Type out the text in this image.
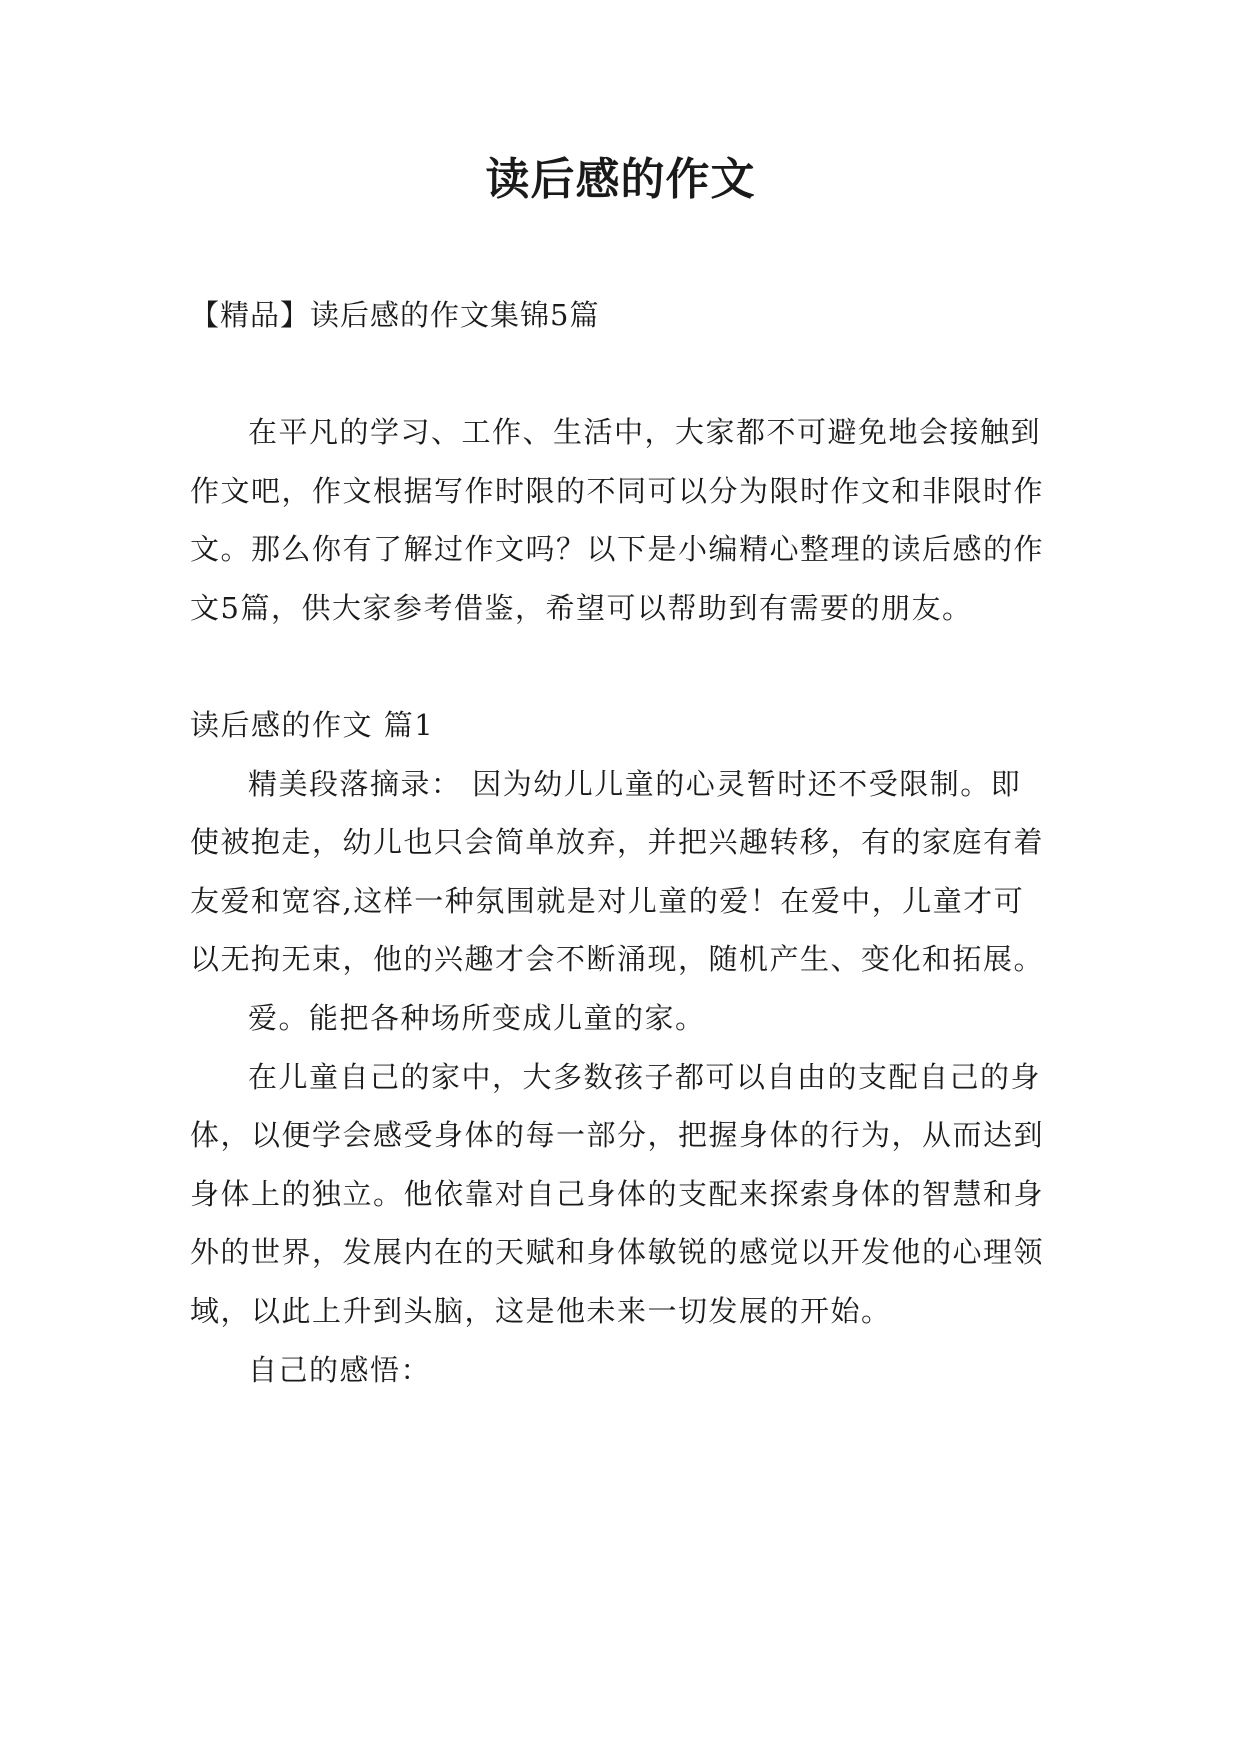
读后感的作文
【精品】读后感的作文集锦5篇

在平凡的学习、工作、生活中，大家都不可避免地会接触到作文吧，作文根据写作时限的不同可以分为限时作文和非限时作文。那么你有了解过作文吗？以下是小编精心整理的读后感的作文5篇，供大家参考借鉴，希望可以帮助到有需要的朋友。

读后感的作文 篇1

精美段落摘录： 因为幼儿儿童的心灵暂时还不受限制。即使被抱走，幼儿也只会简单放弃，并把兴趣转移，有的家庭有着友爱和宽容,这样一种氛围就是对儿童的爱！在爱中，儿童才可以无拘无束，他的兴趣才会不断涌现，随机产生、变化和拓展。

爱。能把各种场所变成儿童的家。

在儿童自己的家中，大多数孩子都可以自由的支配自己的身体，以便学会感受身体的每一部分，把握身体的行为，从而达到身体上的独立。他依靠对自己身体的支配来探索身体的智慧和身外的世界，发展内在的天赋和身体敏锐的感觉以开发他的心理领域，以此上升到头脑，这是他未来一切发展的开始。

自己的感悟：
